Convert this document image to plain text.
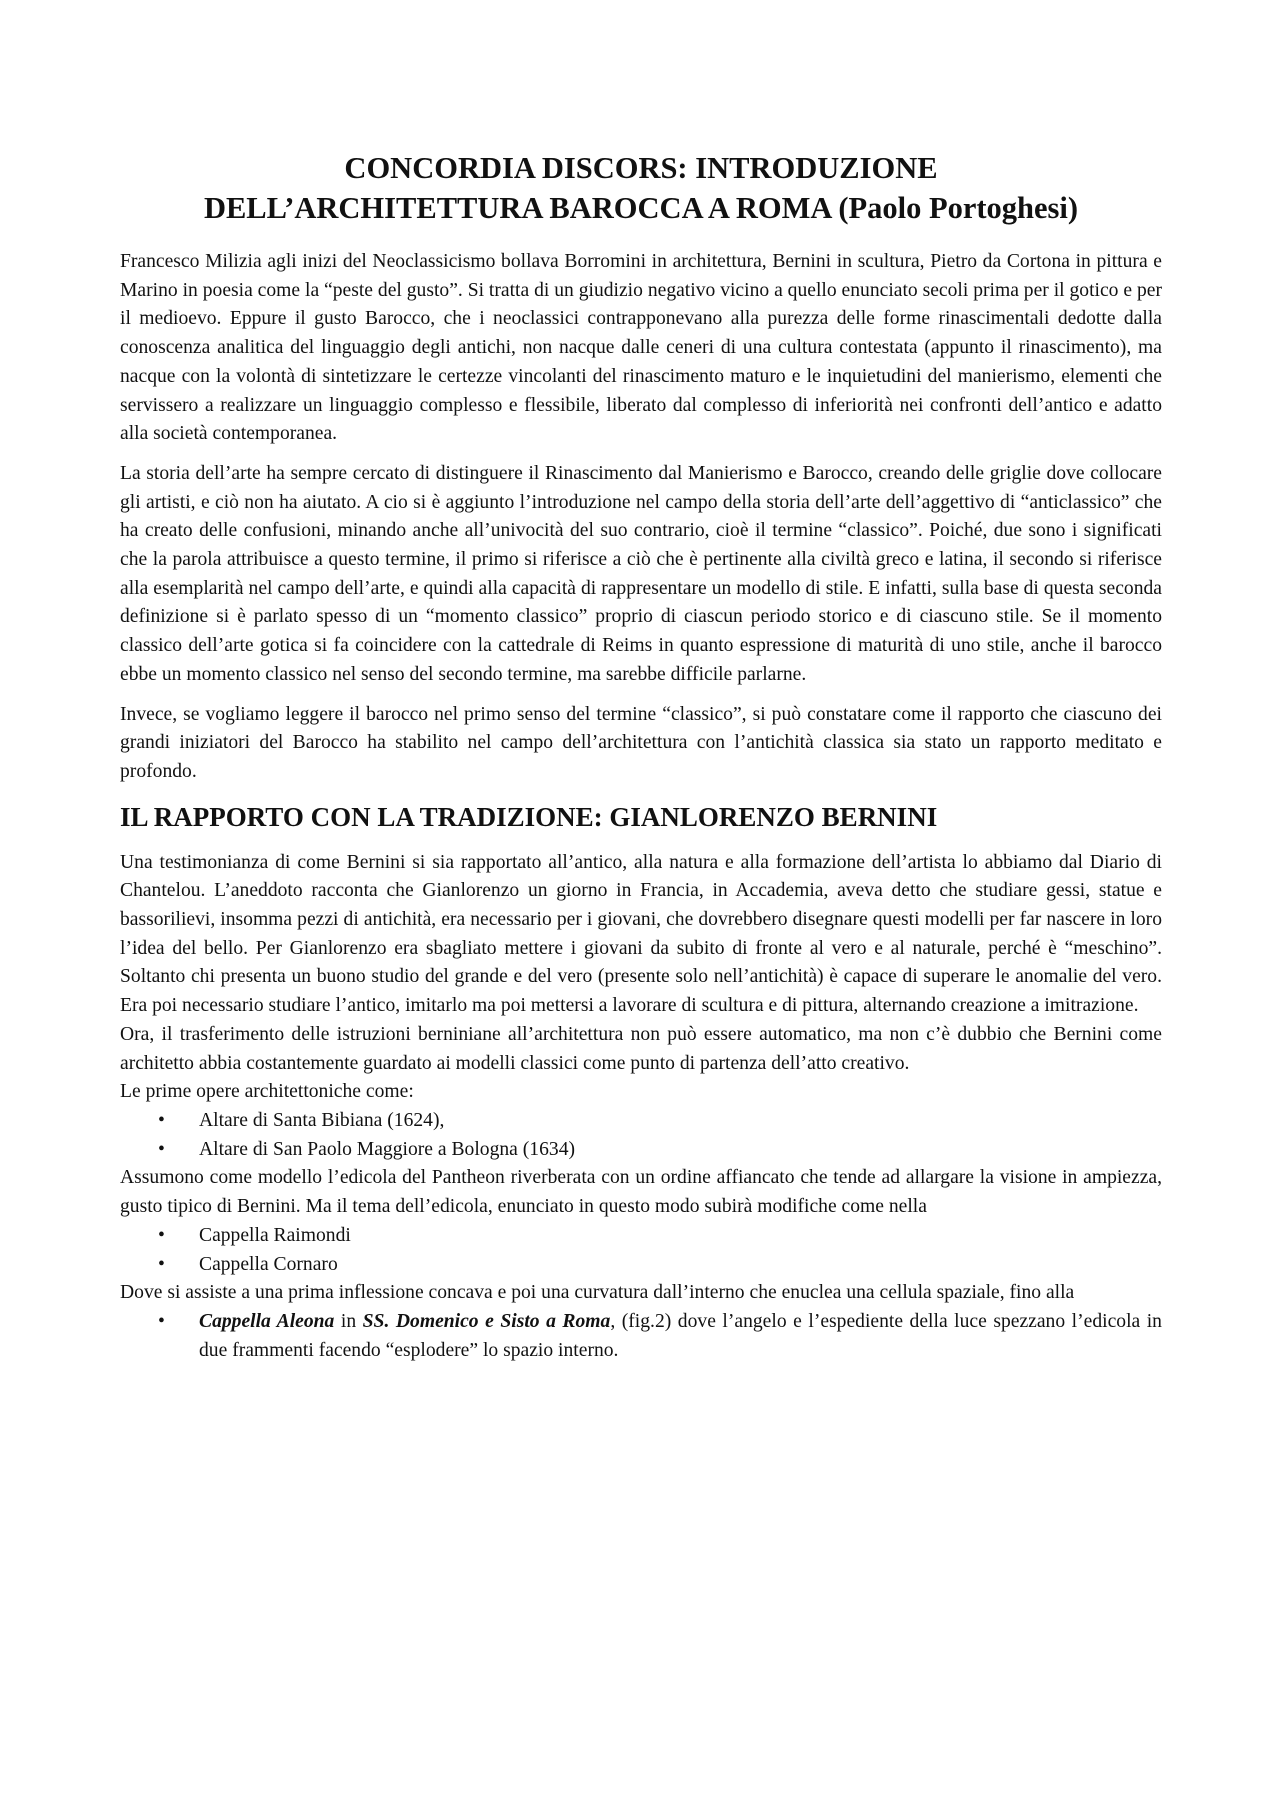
CONCORDIA DISCORS: INTRODUZIONE
DELL’ARCHITETTURA BAROCCA A ROMA (Paolo Portoghesi)

Francesco Milizia agli inizi del Neoclassicismo bollava Borromini in architettura, Bernini in scultura, Pietro da Cortona in pittura e Marino in poesia come la “peste del gusto”. Si tratta di un giudizio negativo vicino a quello enunciato secoli prima per il gotico e per il medioevo. Eppure il gusto Barocco, che i neoclassici contrapponevano alla purezza delle forme rinascimentali dedotte dalla conoscenza analitica del linguaggio degli antichi, non nacque dalle ceneri di una cultura contestata (appunto il rinascimento), ma nacque con la volontà di sintetizzare le certezze vincolanti del rinascimento maturo e le inquietudini del manierismo, elementi che servissero a realizzare un linguaggio complesso e flessibile, liberato dal complesso di inferiorità nei confronti dell’antico e adatto alla società contemporanea.

La storia dell’arte ha sempre cercato di distinguere il Rinascimento dal Manierismo e Barocco, creando delle griglie dove collocare gli artisti, e ciò non ha aiutato. A cio si è aggiunto l’introduzione nel campo della storia dell’arte dell’aggettivo di “anticlassico” che ha creato delle confusioni, minando anche all’univocità del suo contrario, cioè il termine “classico”. Poiché, due sono i significati che la parola attribuisce a questo termine, il primo si riferisce a ciò che è pertinente alla civiltà greco e latina, il secondo si riferisce alla esemplarità nel campo dell’arte, e quindi alla capacità di rappresentare un modello di stile. E infatti, sulla base di questa seconda definizione si è parlato spesso di un “momento classico” proprio di ciascun periodo storico e di ciascuno stile. Se il momento classico dell’arte gotica si fa coincidere con la cattedrale di Reims in quanto espressione di maturità di uno stile, anche il barocco ebbe un momento classico nel senso del secondo termine, ma sarebbe difficile parlarne.

Invece, se vogliamo leggere il barocco nel primo senso del termine “classico”, si può constatare come il rapporto che ciascuno dei grandi iniziatori del Barocco ha stabilito nel campo dell’architettura con l’antichità classica sia stato un rapporto meditato e profondo.

IL RAPPORTO CON LA TRADIZIONE: GIANLORENZO BERNINI

Una testimonianza di come Bernini si sia rapportato all’antico, alla natura e alla formazione dell’artista lo abbiamo dal Diario di Chantelou. L’aneddoto racconta che Gianlorenzo un giorno in Francia, in Accademia, aveva detto che studiare gessi, statue e bassorilievi, insomma pezzi di antichità, era necessario per i giovani, che dovrebbero disegnare questi modelli per far nascere in loro l’idea del bello. Per Gianlorenzo era sbagliato mettere i giovani da subito di fronte al vero e al naturale, perché è “meschino”. Soltanto chi presenta un buono studio del grande e del vero (presente solo nell’antichità) è capace di superare le anomalie del vero. Era poi necessario studiare l’antico, imitarlo ma poi mettersi a lavorare di scultura e di pittura, alternando creazione a imitrazione.

Ora, il trasferimento delle istruzioni berniniane all’architettura non può essere automatico, ma non c’è dubbio che Bernini come architetto abbia costantemente guardato ai modelli classici come punto di partenza dell’atto creativo.

Le prime opere architettoniche come:

• Altare di Santa Bibiana (1624),
• Altare di San Paolo Maggiore a Bologna (1634)

Assumono come modello l’edicola del Pantheon riverberata con un ordine affiancato che tende ad allargare la visione in ampiezza, gusto tipico di Bernini. Ma il tema dell’edicola, enunciato in questo modo subirà modifiche come nella

• Cappella Raimondi
• Cappella Cornaro

Dove si assiste a una prima inflessione concava e poi una curvatura dall’interno che enuclea una cellula spaziale, fino alla

• Cappella Aleona in SS. Domenico e Sisto a Roma, (fig.2) dove l’angelo e l’espediente della luce spezzano l’edicola in due frammenti facendo “esplodere” lo spazio interno.
